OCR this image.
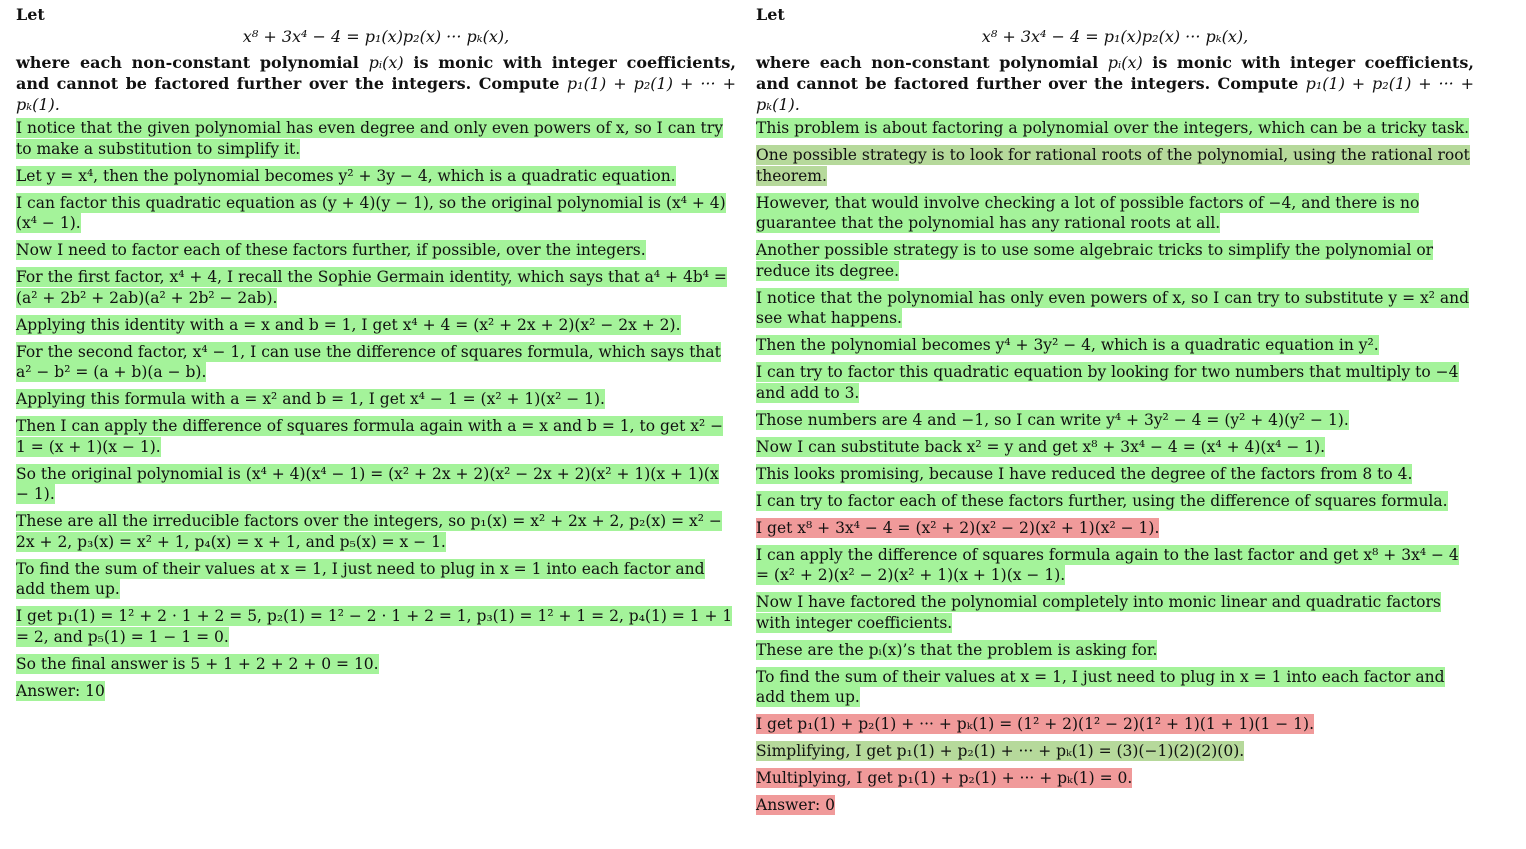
Let

x⁸ + 3x⁴ − 4 = p₁(x)p₂(x) ··· pₖ(x),

where each non-constant polynomial pᵢ(x) is monic with integer coefficients, and cannot be factored further over the integers. Compute p₁(1) + p₂(1) + ··· + pₖ(1).

I notice that the given polynomial has even degree and only even powers of x, so I can try to make a substitution to simplify it.

Let y = x⁴, then the polynomial becomes y² + 3y − 4, which is a quadratic equation.

I can factor this quadratic equation as (y + 4)(y − 1), so the original polynomial is (x⁴ + 4)(x⁴ − 1).

Now I need to factor each of these factors further, if possible, over the integers.

For the first factor, x⁴ + 4, I recall the Sophie Germain identity, which says that a⁴ + 4b⁴ = (a² + 2b² + 2ab)(a² + 2b² − 2ab).

Applying this identity with a = x and b = 1, I get x⁴ + 4 = (x² + 2x + 2)(x² − 2x + 2).

For the second factor, x⁴ − 1, I can use the difference of squares formula, which says that a² − b² = (a + b)(a − b).

Applying this formula with a = x² and b = 1, I get x⁴ − 1 = (x² + 1)(x² − 1).

Then I can apply the difference of squares formula again with a = x and b = 1, to get x² − 1 = (x + 1)(x − 1).

So the original polynomial is (x⁴ + 4)(x⁴ − 1) = (x² + 2x + 2)(x² − 2x + 2)(x² + 1)(x + 1)(x − 1).

These are all the irreducible factors over the integers, so p₁(x) = x² + 2x + 2, p₂(x) = x² − 2x + 2, p₃(x) = x² + 1, p₄(x) = x + 1, and p₅(x) = x − 1.

To find the sum of their values at x = 1, I just need to plug in x = 1 into each factor and add them up.

I get p₁(1) = 1² + 2 · 1 + 2 = 5, p₂(1) = 1² − 2 · 1 + 2 = 1, p₃(1) = 1² + 1 = 2, p₄(1) = 1 + 1 = 2, and p₅(1) = 1 − 1 = 0.

So the final answer is 5 + 1 + 2 + 2 + 0 = 10.

Answer: 10

Let

x⁸ + 3x⁴ − 4 = p₁(x)p₂(x) ··· pₖ(x),

where each non-constant polynomial pᵢ(x) is monic with integer coefficients, and cannot be factored further over the integers. Compute p₁(1) + p₂(1) + ··· + pₖ(1).

This problem is about factoring a polynomial over the integers, which can be a tricky task.

One possible strategy is to look for rational roots of the polynomial, using the rational root theorem.

However, that would involve checking a lot of possible factors of −4, and there is no guarantee that the polynomial has any rational roots at all.

Another possible strategy is to use some algebraic tricks to simplify the polynomial or reduce its degree.

I notice that the polynomial has only even powers of x, so I can try to substitute y = x² and see what happens.

Then the polynomial becomes y⁴ + 3y² − 4, which is a quadratic equation in y².

I can try to factor this quadratic equation by looking for two numbers that multiply to −4 and add to 3.

Those numbers are 4 and −1, so I can write y⁴ + 3y² − 4 = (y² + 4)(y² − 1).

Now I can substitute back x² = y and get x⁸ + 3x⁴ − 4 = (x⁴ + 4)(x⁴ − 1).

This looks promising, because I have reduced the degree of the factors from 8 to 4.

I can try to factor each of these factors further, using the difference of squares formula.

I get x⁸ + 3x⁴ − 4 = (x² + 2)(x² − 2)(x² + 1)(x² − 1).

I can apply the difference of squares formula again to the last factor and get x⁸ + 3x⁴ − 4 = (x² + 2)(x² − 2)(x² + 1)(x + 1)(x − 1).

Now I have factored the polynomial completely into monic linear and quadratic factors with integer coefficients.

These are the pᵢ(x)’s that the problem is asking for.

To find the sum of their values at x = 1, I just need to plug in x = 1 into each factor and add them up.

I get p₁(1) + p₂(1) + ··· + pₖ(1) = (1² + 2)(1² − 2)(1² + 1)(1 + 1)(1 − 1).

Simplifying, I get p₁(1) + p₂(1) + ··· + pₖ(1) = (3)(−1)(2)(2)(0).

Multiplying, I get p₁(1) + p₂(1) + ··· + pₖ(1) = 0.

Answer: 0
